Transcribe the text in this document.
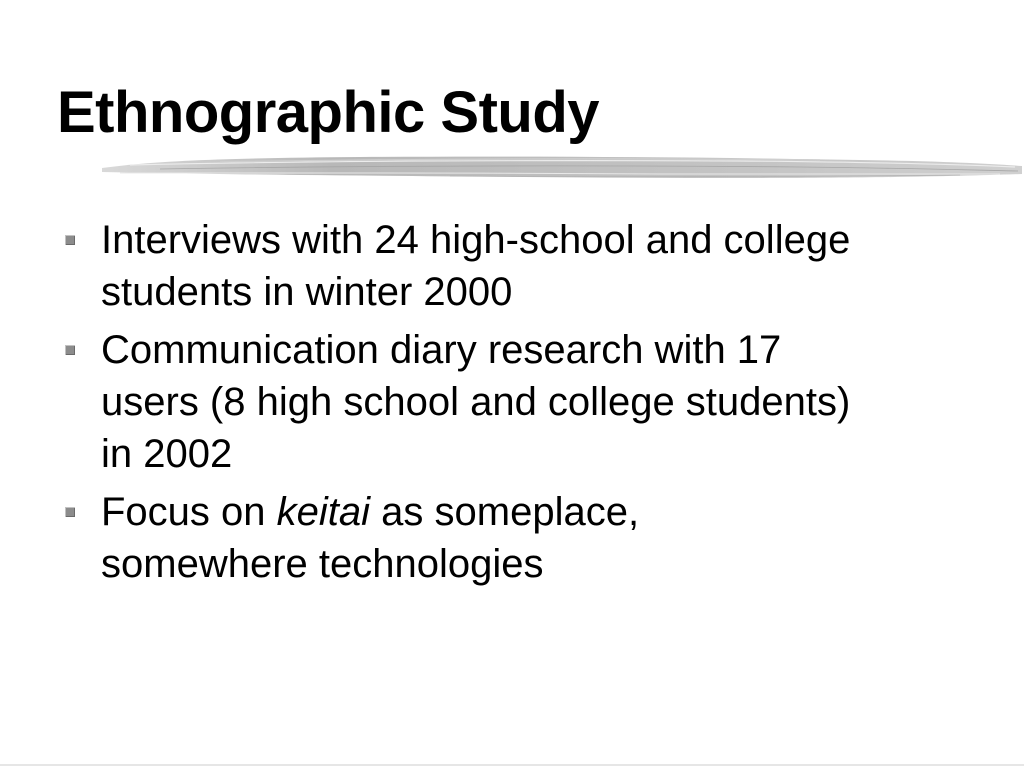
Ethnographic Study
Interviews with 24 high-school and college
students in winter 2000
Communication diary research with 17
users (8 high school and college students)
in 2002
Focus on keitai as someplace,
somewhere technologies
